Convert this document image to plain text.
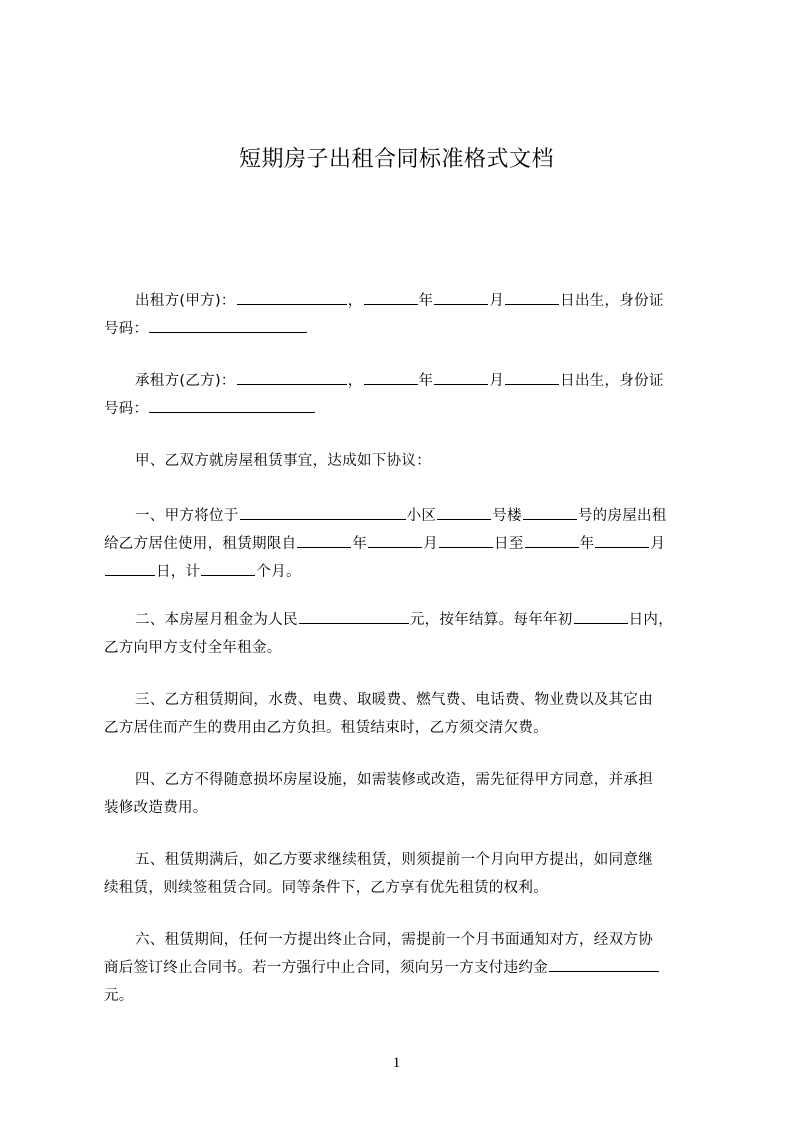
短期房子出租合同标准格式文档
出租方(甲方)：	，	年	月	日出生，身份证
号码：
承租方(乙方)：	，	年	月	日出生，身份证
号码：
甲、乙双方就房屋租赁事宜，达成如下协议：
一、甲方将位于	小区	号楼	号的房屋出租
给乙方居住使用，租赁期限自	年	月	日至	年	月
日，计	个月。
二、本房屋月租金为人民	元，按年结算。每年年初	日内，
乙方向甲方支付全年租金。
三、乙方租赁期间，水费、电费、取暖费、燃气费、电话费、物业费以及其它由
乙方居住而产生的费用由乙方负担。租赁结束时，乙方须交清欠费。
四、乙方不得随意损坏房屋设施，如需装修或改造，需先征得甲方同意，并承担
装修改造费用。
五、租赁期满后，如乙方要求继续租赁，则须提前一个月向甲方提出，如同意继
续租赁，则续签租赁合同。同等条件下，乙方享有优先租赁的权利。
六、租赁期间，任何一方提出终止合同，需提前一个月书面通知对方，经双方协
商后签订终止合同书。若一方强行中止合同，须向另一方支付违约金
元。
1
